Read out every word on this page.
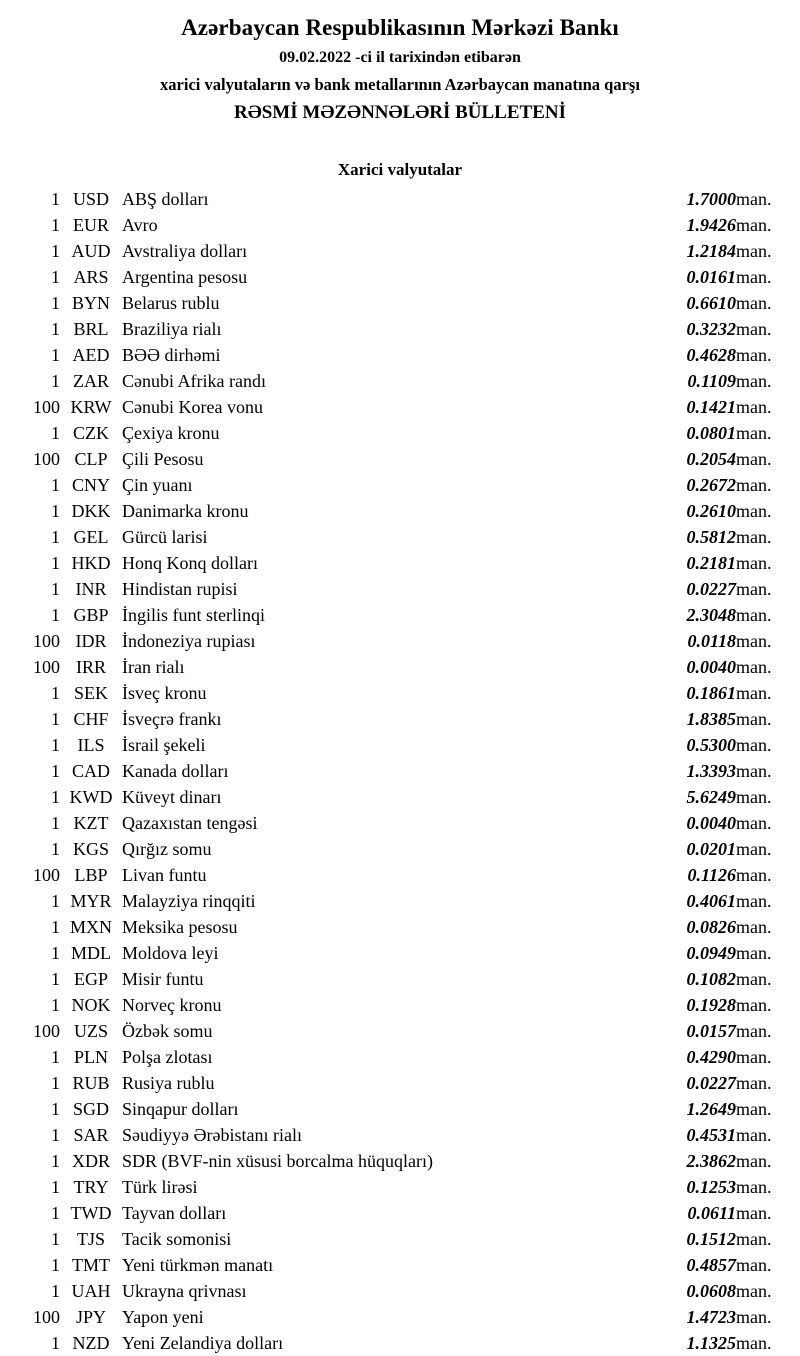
Azərbaycan Respublikasının Mərkəzi Bankı
09.02.2022 -ci il tarixindən etibarən
xarici valyutaların və bank metallarının Azərbaycan manatına qarşı
RƏSMİ MƏZƏNNƏLƏRİ BÜLLETENİ
Xarici valyutalar
1	USD	ABŞ dolları	1.7000	man.
1	EUR	Avro	1.9426	man.
1	AUD	Avstraliya dolları	1.2184	man.
1	ARS	Argentina pesosu	0.0161	man.
1	BYN	Belarus rublu	0.6610	man.
1	BRL	Braziliya rialı	0.3232	man.
1	AED	BƏƏ dirhəmi	0.4628	man.
1	ZAR	Cənubi Afrika randı	0.1109	man.
100	KRW	Cənubi Korea vonu	0.1421	man.
1	CZK	Çexiya kronu	0.0801	man.
100	CLP	Çili Pesosu	0.2054	man.
1	CNY	Çin yuanı	0.2672	man.
1	DKK	Danimarka kronu	0.2610	man.
1	GEL	Gürcü larisi	0.5812	man.
1	HKD	Honq Konq dolları	0.2181	man.
1	INR	Hindistan rupisi	0.0227	man.
1	GBP	İngilis funt sterlinqi	2.3048	man.
100	IDR	İndoneziya rupiası	0.0118	man.
100	IRR	İran rialı	0.0040	man.
1	SEK	İsveç kronu	0.1861	man.
1	CHF	İsveçrə frankı	1.8385	man.
1	ILS	İsrail şekeli	0.5300	man.
1	CAD	Kanada dolları	1.3393	man.
1	KWD	Küveyt dinarı	5.6249	man.
1	KZT	Qazaxıstan tengəsi	0.0040	man.
1	KGS	Qırğız somu	0.0201	man.
100	LBP	Livan funtu	0.1126	man.
1	MYR	Malayziya rinqqiti	0.4061	man.
1	MXN	Meksika pesosu	0.0826	man.
1	MDL	Moldova leyi	0.0949	man.
1	EGP	Misir funtu	0.1082	man.
1	NOK	Norveç kronu	0.1928	man.
100	UZS	Özbək somu	0.0157	man.
1	PLN	Polşa zlotası	0.4290	man.
1	RUB	Rusiya rublu	0.0227	man.
1	SGD	Sinqapur dolları	1.2649	man.
1	SAR	Səudiyyə Ərəbistanı rialı	0.4531	man.
1	XDR	SDR (BVF-nin xüsusi borcalma hüquqları)	2.3862	man.
1	TRY	Türk lirəsi	0.1253	man.
1	TWD	Tayvan dolları	0.0611	man.
1	TJS	Tacik somonisi	0.1512	man.
1	TMT	Yeni türkmən manatı	0.4857	man.
1	UAH	Ukrayna qrivnası	0.0608	man.
100	JPY	Yapon yeni	1.4723	man.
1	NZD	Yeni Zelandiya dolları	1.1325	man.
